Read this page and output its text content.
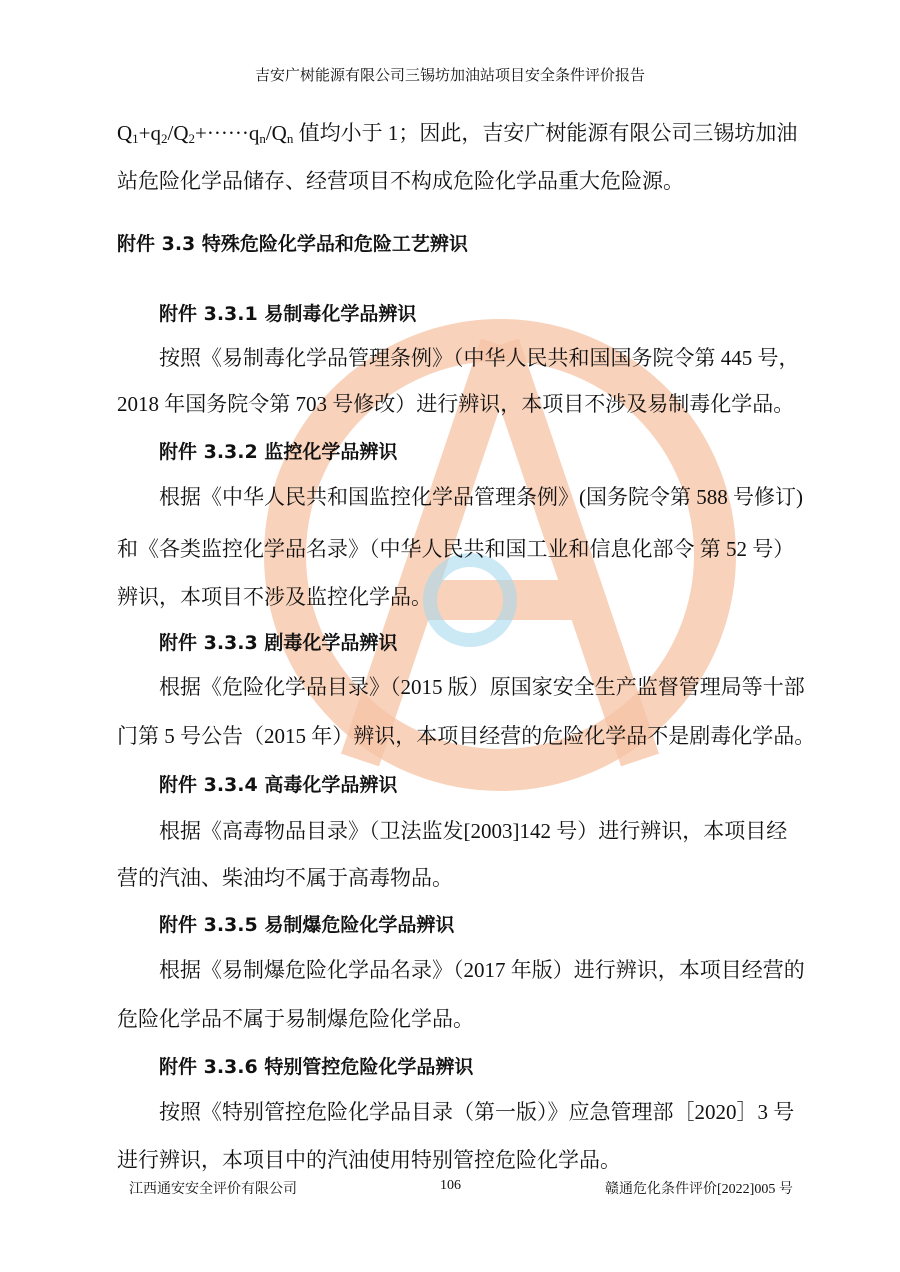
吉安广树能源有限公司三锡坊加油站项目安全条件评价报告
$Q_1+q_2/Q_2+\cdot\cdot\cdot\cdot\cdot\cdot q_n/Q_n$ 值均小于 1；因此，吉安广树能源有限公司三锡坊加油
站危险化学品储存、经营项目不构成危险化学品重大危险源。
附件 3.3 特殊危险化学品和危险工艺辨识
附件 3.3.1 易制毒化学品辨识
按照《易制毒化学品管理条例》（中华人民共和国国务院令第 445 号，
2018 年国务院令第 703 号修改）进行辨识，本项目不涉及易制毒化学品。
附件 3.3.2 监控化学品辨识
根据《中华人民共和国监控化学品管理条例》(国务院令第 588 号修订)
和《各类监控化学品名录》（中华人民共和国工业和信息化部令 第 52 号）
辨识，本项目不涉及监控化学品。
附件 3.3.3 剧毒化学品辨识
根据《危险化学品目录》（2015 版）原国家安全生产监督管理局等十部
门第 5 号公告（2015 年）辨识，本项目经营的危险化学品不是剧毒化学品。
附件 3.3.4 高毒化学品辨识
根据《高毒物品目录》（卫法监发[2003]142 号）进行辨识，本项目经
营的汽油、柴油均不属于高毒物品。
附件 3.3.5 易制爆危险化学品辨识
根据《易制爆危险化学品名录》（2017 年版）进行辨识，本项目经营的
危险化学品不属于易制爆危险化学品。
附件 3.3.6 特别管控危险化学品辨识
按照《特别管控危险化学品目录（第一版）》应急管理部［2020］3 号
进行辨识，本项目中的汽油使用特别管控危险化学品。
江西通安安全评价有限公司	106	赣通危化条件评价[2022]005 号
